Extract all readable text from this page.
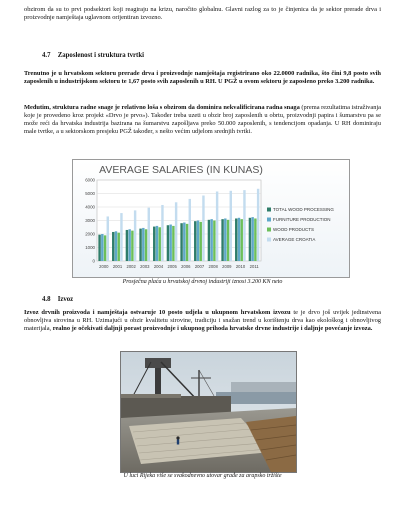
obzirom da su to prvi podsektori koji reagiraju na krizu, naročito globalnu. Glavni razlog za to je činjenica da je sektor prerade drva i proizvodnje namještaja uglavnom orijentiran izvozno.

4.7 Zaposlenost i struktura tvrtki

Trenutno je u hrvatskom sektoru prerade drva i proizvodnje namještaja registrirano oko 22.0000 radnika, što čini 9,8 posto svih zaposlenih u industrijskom sektoru te 1,67 posto svih zaposlenih u RH. U PGŽ u ovom sektoru je zaposleno preko 3.200 radnika.

Međutim, struktura radne snage je relativno loša s obzirom da dominira nekvalificirana radna snaga (prema rezultatima istraživanja koje je provedeno kroz projekt «Drvo je prvo»). Također treba uzeti u obzir broj zaposlenih u obrtu, proizvodnji papira i šumarstvu pa se može reći da hrvatska industrija bazirana na šumarstvu zapošljava preko 50.000 zaposlenih, s tendencijom opadanja. U RH dominiraju male tvrtke, a u sektorskom presjeku PGŽ također, s nešto većim udjelom srednjih tvrtki.

AVERAGE SALARIES (IN KUNAS)
0
1000
2000
3000
4000
5000
6000
2000 2001 2002 2003 2004 2005 2006 2007 2008 2009 2010 2011
TOTAL WOOD PROCESSING
FURNITURE PRODUCTION
WOOD PRODUCTS
AVERAGE CROATIA

Prosječna plaća u hrvatskoj drvnoj industriji iznosi 3.200 KN neto

4.8 Izvoz

Izvoz drvnih proizvoda i namještaja ostvaruje 10 posto udjela u ukupnom hrvatskom izvozu te je drvo još uvijek jedinstvena obnovljiva sirovina u RH. Uzimajući u obzir kvalitetu sirovine, tradiciju i snažan trend u korištenju drva kao ekološkog i obnovljivog materijala, realno je očekivati daljnji porast proizvodnje i ukupnog prihoda hrvatske drvne industrije i daljnje povećanje izvoza.

U luci Rijeka više se svakodnevno utovar građe za arapsko tržište
